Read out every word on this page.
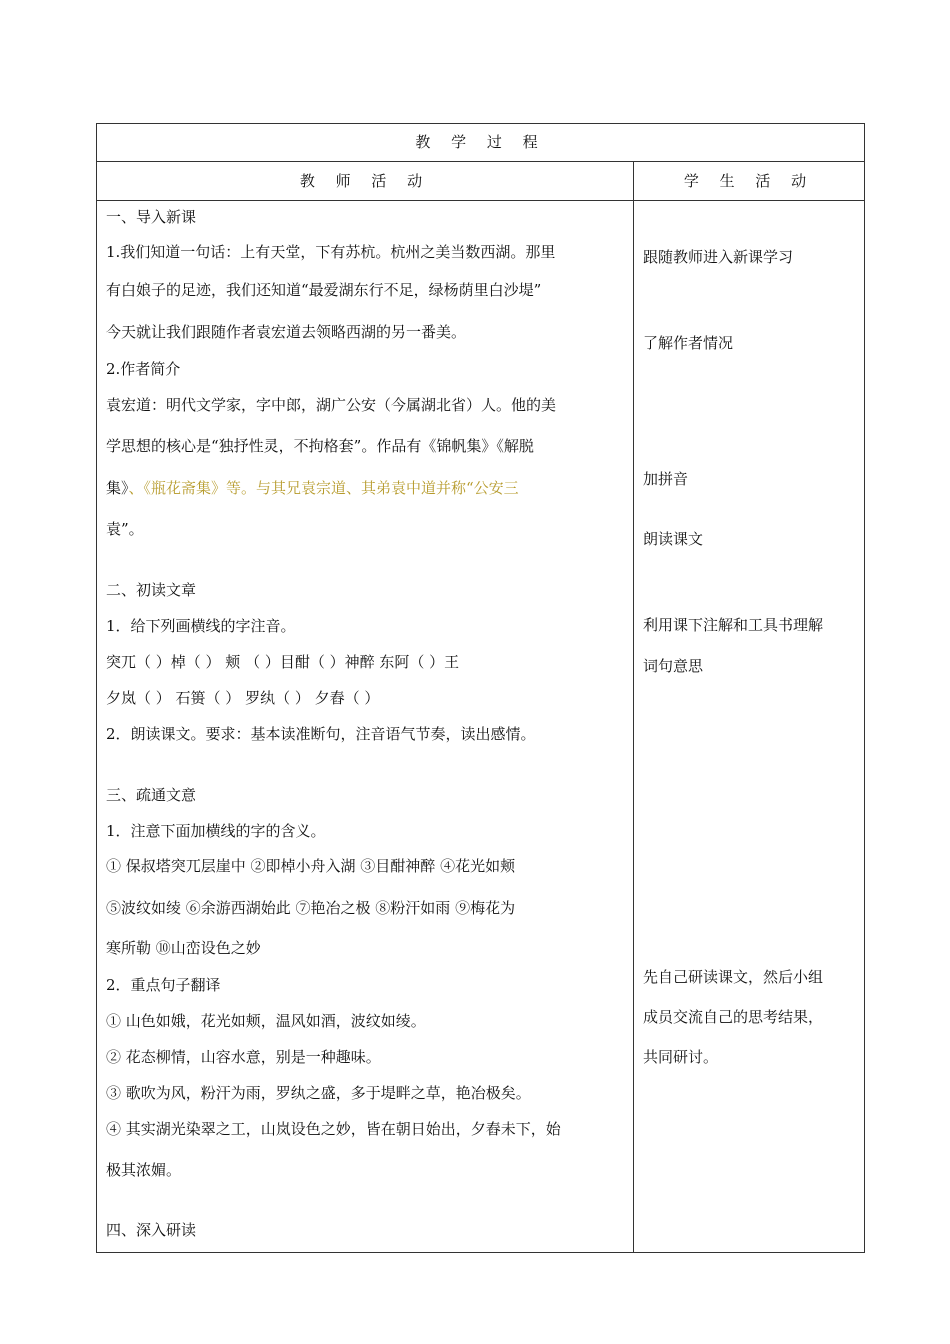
教 学 过 程
教 师 活 动	学 生 活 动
一、导入新课
1.我们知道一句话：上有天堂，下有苏杭。杭州之美当数西湖。那里
有白娘子的足迹，我们还知道“最爱湖东行不足，绿杨荫里白沙堤”
今天就让我们跟随作者袁宏道去领略西湖的另一番美。
2.作者简介
袁宏道：明代文学家，字中郎，湖广公安（今属湖北省）人。他的美
学思想的核心是“独抒性灵，不拘格套”。作品有《锦帆集》《解脱
集》、《瓶花斋集》等。与其兄袁宗道、其弟袁中道并称“公安三
袁”。
二、初读文章
1．给下列画横线的字注音。
突兀（ ）棹（ ） 颊 （ ）目酣（ ）神醉 东阿（ ）王
夕岚（ ） 石篑（ ） 罗纨（ ） 夕舂（ ）
2．朗读课文。要求：基本读准断句，注音语气节奏，读出感情。
三、疏通文意
1．注意下面加横线的字的含义。
① 保叔塔突兀层崖中 ②即棹小舟入湖 ③目酣神醉 ④花光如颊
⑤波纹如绫 ⑥余游西湖始此 ⑦艳冶之极 ⑧粉汗如雨 ⑨梅花为
寒所勒 ⑩山峦设色之妙
2．重点句子翻译
① 山色如娥，花光如颊，温风如酒，波纹如绫。
② 花态柳情，山容水意，别是一种趣味。
③ 歌吹为风，粉汗为雨，罗纨之盛，多于堤畔之草，艳冶极矣。
④ 其实湖光染翠之工，山岚设色之妙，皆在朝日始出，夕舂未下，始
极其浓媚。
四、深入研读
跟随教师进入新课学习
了解作者情况
加拼音
朗读课文
利用课下注解和工具书理解
词句意思
先自己研读课文，然后小组
成员交流自己的思考结果，
共同研讨。
